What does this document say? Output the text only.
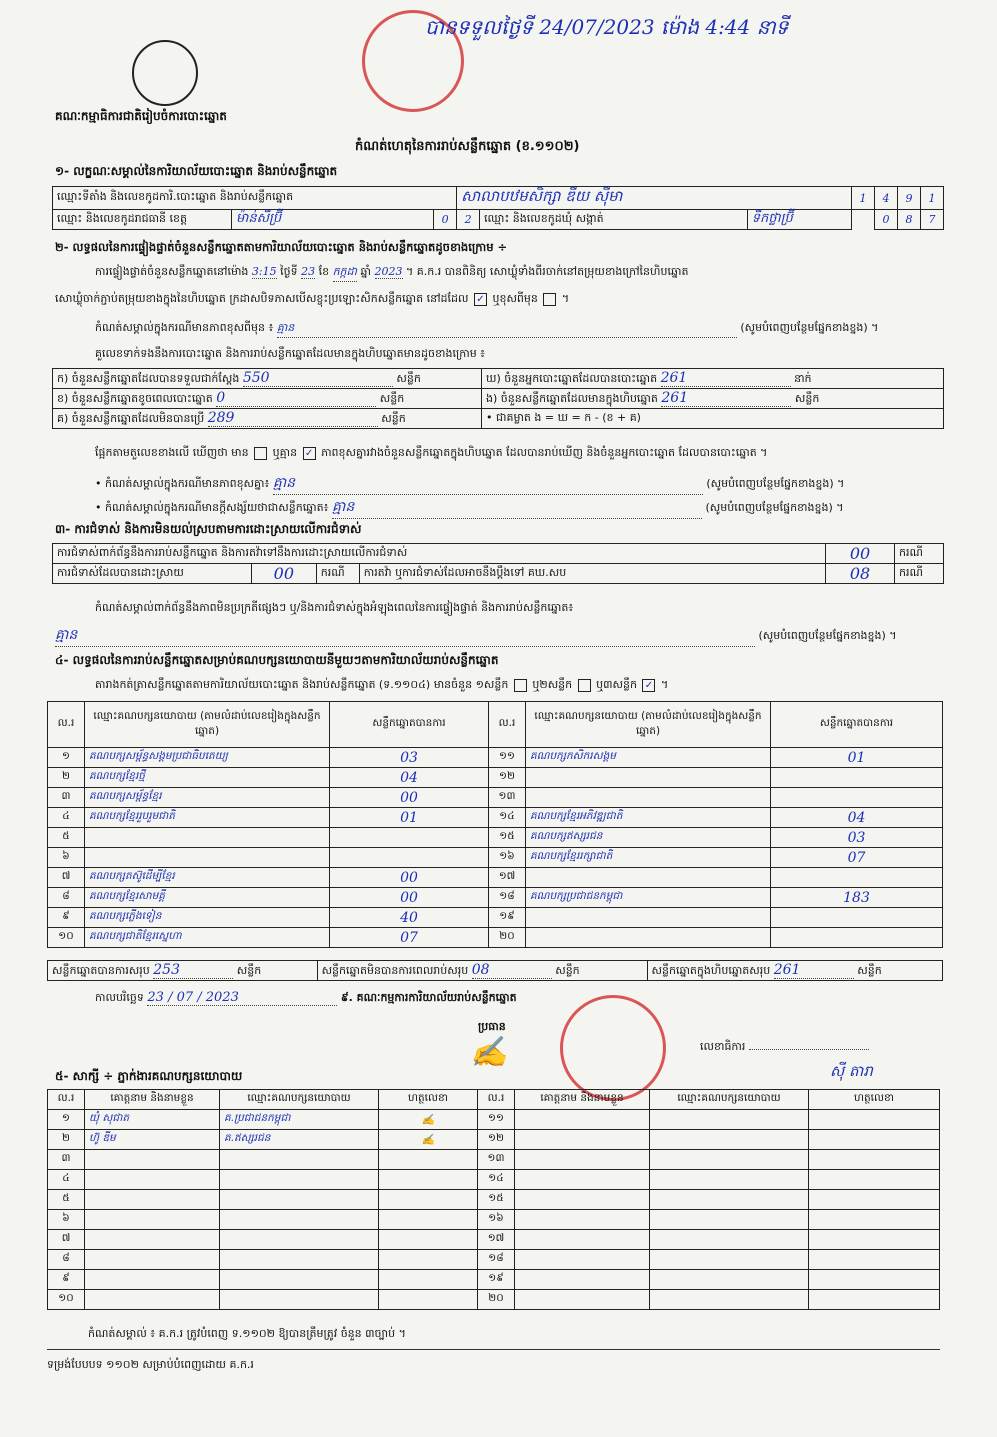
គណៈកម្មាធិការជាតិរៀបចំការបោះឆ្នោត
បានទទួលថ្ងៃទី 24/07/2023 ម៉ោង 4:44 នាទី
កំណត់ហេតុនៃការរាប់សន្លឹកឆ្នោត (ខ.១១០២)
១- លក្ខណៈសម្គាល់នៃការិយាល័យបោះឆ្នោត និងរាប់សន្លឹកឆ្នោត
ឈ្មោះទីតាំង និងលេខកូដការិ.បោះឆ្នោត និងរាប់សន្លឹកឆ្នោត			សាលាបឋមសិក្សា ឌីយ ស៊ីមា			1	4	9	1
ឈ្មោះ និងលេខកូដរាជធានី ខេត្ត	ម៉ាន់សីប្រ៊ី	0	2	ឈ្មោះ និងលេខកូដឃុំ សង្កាត់	ទឹកថ្លាប្រ៊ី		0	8	7
២- លទ្ធផលនៃការផ្ទៀងផ្ទាត់ចំនួនសន្លឹកឆ្នោតតាមការិយាល័យបោះឆ្នោត និងរាប់សន្លឹកឆ្នោតដូចខាងក្រោម ÷
ការផ្ទៀងផ្ទាត់ចំនួនសន្លឹកឆ្នោតនៅម៉ោង 3:15 ថ្ងៃទី 23 ខែ កក្កដា ឆ្នាំ 2023 ។ គ.ក.រ បានពិនិត្យ សោឃ្លុំទាំងពីរចាក់នៅតម្រុយខាងក្រៅនៃហិបឆ្នោត
សោឃ្លុំចាក់ភ្ជាប់តម្រុយខាងក្នុងនៃហិបឆ្នោត ក្រដាសបិទភាសបើសខ្ចុះប្រឡោះសិកសន្លឹកឆ្នោត នៅដដែល ✓ ឬខុសពីមុន  ។
កំណត់សម្គាល់ក្នុងករណីមានភាពខុសពីមុន ៖ គ្មាន	(សូមបំពេញបន្ថែមផ្នែកខាងខ្នង) ។
គួលេខទាក់ទងនឹងការបោះឆ្នោត និងការរាប់សន្លឹកឆ្នោតដែលមានក្នុងហិបឆ្នោតមានដូចខាងក្រោម ៖
ក) ចំនួនសន្លឹកឆ្នោតដែលបានទទួលជាក់ស្ដែង 550 សន្លឹក	ឃ) ចំនួនអ្នកបោះឆ្នោតដែលបានបោះឆ្នោត 261 នាក់
ខ) ចំនួនសន្លឹកឆ្នោតខូចពេលបោះឆ្នោត 0 សន្លឹក	ង) ចំនួនសន្លឹកឆ្នោតដែលមានក្នុងហិបឆ្នោត 261 សន្លឹក
គ) ចំនួនសន្លឹកឆ្នោតដែលមិនបានប្រើ 289 សន្លឹក	• ជាគម្លាត ង = ឃ = ក - (ខ + គ)
ផ្អែកតាមតួលេខខាងលើ ឃើញថា មាន ឬគ្មាន ✓ ភាពខុសគ្នារវាងចំនួនសន្លឹកឆ្នោតក្នុងហិបឆ្នោត ដែលបានរាប់ឃើញ និងចំនួនអ្នកបោះឆ្នោត ដែលបានបោះឆ្នោត ។
• កំណត់សម្គាល់ក្នុងករណីមានភាពខុសគ្នា៖ គ្មាន	(សូមបំពេញបន្ថែមផ្នែកខាងខ្នង) ។
• កំណត់សម្គាល់ក្នុងករណីមានក្ដីសង្ស័យថាជាសន្លឹកឆ្នោត៖ គ្មាន	(សូមបំពេញបន្ថែមផ្នែកខាងខ្នង) ។
៣- ការជំទាស់ និងការមិនយល់ស្របតាមការដោះស្រាយលើការជំទាស់
ការជំទាស់ពាក់ព័ន្ធនឹងការរាប់សន្លឹកឆ្នោត និងការតវ៉ាទៅនឹងការដោះស្រាយលើការជំទាស់				00	ករណី
ការជំទាស់ដែលបានដោះស្រាយ	00	ករណី	ការតវ៉ា ឬការជំទាស់ដែលអាចនឹងប្ដឹងទៅ គឃ.សប	08	ករណី
កំណត់សម្គាល់ពាក់ព័ន្ធនឹងភាពមិនប្រក្រតីផ្សេងៗ ឬ/និងការជំទាស់ក្នុងអំឡុងពេលនៃការផ្ទៀងផ្ទាត់ និងការរាប់សន្លឹកឆ្នោត៖
គ្មាន	(សូមបំពេញបន្ថែមផ្នែកខាងខ្នង) ។
៤- លទ្ធផលនៃការរាប់សន្លឹកឆ្នោតសម្រាប់គណបក្សនយោបាយនីមួយៗតាមការិយាល័យរាប់សន្លឹកឆ្នោត
តារាងកត់ត្រាសន្លឹកឆ្នោតតាមការិយាល័យបោះឆ្នោត និងរាប់សន្លឹកឆ្នោត (ទ.១១០៤) មានចំនួន ១សន្លឹក ឬ២សន្លឹក ឬ៣សន្លឹក ✓ ។
ល.រ	ឈ្មោះគណបក្សនយោបាយ (តាមលំដាប់លេខរៀងក្នុងសន្លឹកឆ្នោត)	សន្លឹកឆ្នោតបានការ	ល.រ	ឈ្មោះគណបក្សនយោបាយ (តាមលំដាប់លេខរៀងក្នុងសន្លឹកឆ្នោត)	សន្លឹកឆ្នោតបានការ
១	គណបក្សសម្ព័ន្ធសង្គមប្រជាធិបតេយ្យ	03	១១	គណបក្សកសិករសង្គម	01
២	គណបក្សខ្មែរថ្មី	04	១២		
៣	គណបក្សសម្ព័ន្ធខ្មែរ	00	១៣		
៤	គណបក្សខ្មែររួបរួមជាតិ	01	១៤	គណបក្សខ្មែរអភិវឌ្ឍជាតិ	04
៥			១៥	គណបក្សឥស្សរជន	03
៦			១៦	គណបក្សខ្មែររក្សាជាតិ	07
៧	គណបក្សតស៊ូដើម្បីខ្មែរ	00	១៧		
៨	គណបក្សខ្មែរសាមគ្គី	00	១៨	គណបក្សប្រជាជនកម្ពុជា	183
៩	គណបក្សភ្លើងទៀន	40	១៩		
១០	គណបក្សជាតិខ្មែរស្នេហា	07	២០		
សន្លឹកឆ្នោតបានការសរុប 253	សន្លឹក	សន្លឹកឆ្នោតមិនបានការពេលរាប់សរុប 08	សន្លឹក	សន្លឹកឆ្នោតក្នុងហិបឆ្នោតសរុប 261	សន្លឹក
កាលបរិច្ឆេទ 23 / 07 / 2023	៩. គណៈកម្មការការិយាល័យរាប់សន្លឹកឆ្នោត
ប្រធាន
✍	លេខាធិការ
ស៊ី តារា
៥- សាក្សី ÷ ភ្នាក់ងារគណបក្សនយោបាយ
ល.រ	គោត្តនាម និងនាមខ្លួន	ឈ្មោះគណបក្សនយោបាយ	ហត្ថលេខា	ល.រ	គោត្តនាម និងនាមខ្លួន	ឈ្មោះគណបក្សនយោបាយ	ហត្ថលេខា
១	យុំ សុជាត	គ.ប្រជាជនកម្ពុជា	✍	១១			
២	ហ៊ូ ឌីម	គ.ឥស្សរជន	✍	១២			
៣				១៣			
៤				១៤			
៥				១៥			
៦				១៦			
៧				១៧			
៨				១៨			
៩				១៩			
១០				២០			
កំណត់សម្គាល់ ៖ គ.ក.រ ត្រូវបំពេញ ទ.១១០២ ឱ្យបានត្រឹមត្រូវ ចំនួន ៣ច្បាប់ ។
ទម្រង់បែបបទ ១១០២ សម្រាប់បំពេញដោយ គ.ក.រ
